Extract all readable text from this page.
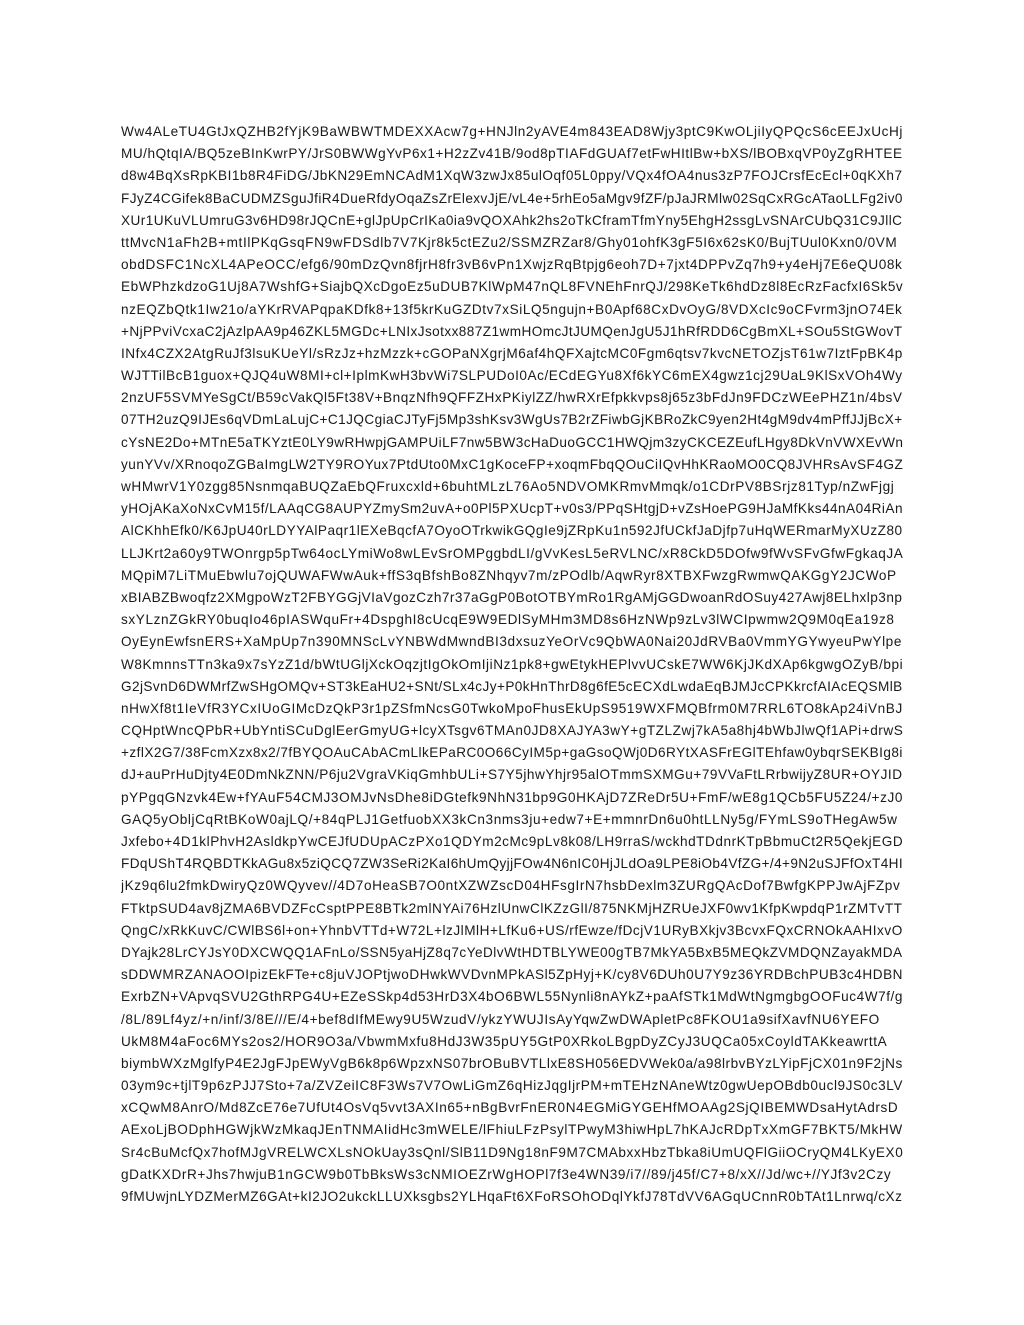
Ww4ALeTU4GtJxQZHB2fYjK9BaWBWTMDEXXAcw7g+HNJln2yAVE4m843EAD8Wjy3ptC9KwOLjiIyQPQcS6cEEJxUcHj
MU/hQtqIA/BQ5zeBInKwrPY/JrS0BWWgYvP6x1+H2zZv41B/9od8pTIAFdGUAf7etFwHItlBw+bXS/lBOBxqVP0yZgRHTEE
d8w4BqXsRpKBI1b8R4FiDG/JbKN29EmNCAdM1XqW3zwJx85ulOqf05L0ppy/VQx4fOA4nus3zP7FOJCrsfEcEcl+0qKXh7
FJyZ4CGifek8BaCUDMZSguJfiR4DueRfdyOqaZsZrElexvJjE/vL4e+5rhEo5aMgv9fZF/pJaJRMlw02SqCxRGcATaoLLFg2iv0
XUr1UKuVLUmruG3v6HD98rJQCnE+glJpUpCrIKa0ia9vQOXAhk2hs2oTkCframTfmYny5EhgH2ssgLvSNArCUbQ31C9JllC
ttMvcN1aFh2B+mtIlPKqGsqFN9wFDSdlb7V7Kjr8k5ctEZu2/SSMZRZar8/Ghy01ohfK3gF5I6x62sK0/BujTUul0Kxn0/0VM
obdDSFC1NcXL4APeOCC/efg6/90mDzQvn8fjrH8fr3vB6vPn1XwjzRqBtpjg6eoh7D+7jxt4DPPvZq7h9+y4eHj7E6eQU08k
EbWPhzkdzoG1Uj8A7WshfG+SiajbQXcDgoEz5uDUB7KlWpM47nQL8FVNEhFnrQJ/298KeTk6hdDz8l8EcRzFacfxI6Sk5v
nzEQZbQtk1Iw21o/aYKrRVAPqpaKDfk8+13f5krKuGZDtv7xSiLQ5ngujn+B0Apf68CxDvOyG/8VDXcIc9oCFvrm3jnO74Ek
+NjPPviVcxaC2jAzlpAA9p46ZKL5MGDc+LNIxJsotxx887Z1wmHOmcJtJUMQenJgU5J1hRfRDD6CgBmXL+SOu5StGWovT
INfx4CZX2AtgRuJf3lsuKUeYl/sRzJz+hzMzzk+cGOPaNXgrjM6af4hQFXajtcMC0Fgm6qtsv7kvcNETOZjsT61w7IztFpBK4p
WJTTilBcB1guox+QJQ4uW8MI+cl+IplmKwH3bvWi7SLPUDoI0Ac/ECdEGYu8Xf6kYC6mEX4gwz1cj29UaL9KlSxVOh4Wy
2nzUF5SVMYeSgCt/B59cVakQl5Ft38V+BnqzNfh9QFFZHxPKiylZZ/hwRXrEfpkkvps8j65z3bFdJn9FDCzWEePHZ1n/4bsV
07TH2uzQ9IJEs6qVDmLaLujC+C1JQCgiaCJTyFj5Mp3shKsv3WgUs7B2rZFiwbGjKBRoZkC9yen2Ht4gM9dv4mPffJJjBcX+
cYsNE2Do+MTnE5aTKYztE0LY9wRHwpjGAMPUiLF7nw5BW3cHaDuoGCC1HWQjm3zyCKCEZEufLHgy8DkVnVWXEvWn
yunYVv/XRnoqoZGBaImgLW2TY9ROYux7PtdUto0MxC1gKoceFP+xoqmFbqQOuCiIQvHhKRaoMO0CQ8JVHRsAvSF4GZ
wHMwrV1Y0zgg85NsnmqaBUQZaEbQFruxcxld+6buhtMLzL76Ao5NDVOMKRmvMmqk/o1CDrPV8BSrjz81Typ/nZwFjgj
yHOjAKaXoNxCvM15f/LAAqCG8AUPYZmySm2uvA+o0Pl5PXUcpT+v0s3/PPqSHtgjD+vZsHoePG9HJaMfKks44nA04RiAn
AlCKhhEfk0/K6JpU40rLDYYAlPaqr1lEXeBqcfA7OyoOTrkwikGQgIe9jZRpKu1n592JfUCkfJaDjfp7uHqWERmarMyXUzZ80
LLJKrt2a60y9TWOnrgp5pTw64ocLYmiWo8wLEvSrOMPggbdLI/gVvKesL5eRVLNC/xR8CkD5DOfw9fWvSFvGfwFgkaqJA
MQpiM7LiTMuEbwlu7ojQUWAFWwAuk+ffS3qBfshBo8ZNhqyv7m/zPOdlb/AqwRyr8XTBXFwzgRwmwQAKGgY2JCWoP
xBIABZBwoqfz2XMgpoWzT2FBYGGjVIaVgozCzh7r37aGgP0BotOTBYmRo1RgAMjGGDwoanRdOSuy427Awj8ELhxlp3np
sxYLznZGkRY0buqIo46pIASWquFr+4DspghI8cUcqE9W9EDlSyMHm3MD8s6HzNWp9zLv3lWCIpwmw2Q9M0qEa19z8
OyEynEwfsnERS+XaMpUp7n390MNScLvYNBWdMwndBI3dxsuzYeOrVc9QbWA0Nai20JdRVBa0VmmYGYwyeuPwYlpe
W8KmnnsTTn3ka9x7sYzZ1d/bWtUGljXckOqzjtIgOkOmIjiNz1pk8+gwEtykHEPlvvUCskE7WW6KjJKdXAp6kgwgOZyB/bpi
G2jSvnD6DWMrfZwSHgOMQv+ST3kEaHU2+SNt/SLx4cJy+P0kHnThrD8g6fE5cECXdLwdaEqBJMJcCPKkrcfAIAcEQSMlB
nHwXf8t1IeVfR3YCxIUoGIMcDzQkP3r1pZSfmNcsG0TwkoMpoFhusEkUpS9519WXFMQBfrm0M7RRL6TO8kAp24iVnBJ
CQHptWncQPbR+UbYntiSCuDglEerGmyUG+lcyXTsgv6TMAn0JD8XAJYA3wY+gTZLZwj7kA5a8hj4bWbJlwQf1APi+drwS
+zflX2G7/38FcmXzx8x2/7fBYQOAuCAbACmLlkEPaRC0O66CyIM5p+gaGsoQWj0D6RYtXASFrEGlTEhfaw0ybqrSEKBIg8i
dJ+auPrHuDjty4E0DmNkZNN/P6ju2VgraVKiqGmhbULi+S7Y5jhwYhjr95alOTmmSXMGu+79VVaFtLRrbwijyZ8UR+OYJID
pYPgqGNzvk4Ew+fYAuF54CMJ3OMJvNsDhe8iDGtefk9NhN31bp9G0HKAjD7ZReDr5U+FmF/wE8g1QCb5FU5Z24/+zJ0
GAQ5yObljCqRtBKoW0ajLQ/+84qPLJ1GetfuobXX3kCn3nms3ju+edw7+E+mmnrDn6u0htLLNy5g/FYmLS9oTHegAw5w
Jxfebo+4D1klPhvH2AsldkpYwCEJfUDUpACzPXo1QDYm2cMc9pLv8k08/LH9rraS/wckhdTDdnrKTpBbmuCt2R5QekjEGD
FDqUShT4RQBDTKkAGu8x5ziQCQ7ZW3SeRi2KaI6hUmQyjjFOw4N6nIC0HjJLdOa9LPE8iOb4VfZG+/4+9N2uSJFfOxT4HI
jKz9q6lu2fmkDwiryQz0WQyvev//4D7oHeaSB7O0ntXZWZscD04HFsgIrN7hsbDexlm3ZURgQAcDof7BwfgKPPJwAjFZpv
FTktpSUD4av8jZMA6BVDZFcCsptPPE8BTk2mlNYAi76HzlUnwClKZzGlI/875NKMjHZRUeJXF0wv1KfpKwpdqP1rZMTvTT
QngC/xRkKuvC/CWlBS6l+on+YhnbVTTd+W72L+lzJlMlH+LfKu6+US/rfEwze/fDcjV1URyBXkjv3BcvxFQxCRNOkAAHIxvO
DYajk28LrCYJsY0DXCWQQ1AFnLo/SSN5yaHjZ8q7cYeDlvWtHDTBLYWE00gTB7MkYA5BxB5MEQkZVMDQNZayakMDA
sDDWMRZANAOOIpizEkFTe+c8juVJOPtjwoDHwkWVDvnMPkASl5ZpHyj+K/cy8V6DUh0U7Y9z36YRDBchPUB3c4HDBN
ExrbZN+VApvqSVU2GthRPG4U+EZeSSkp4d53HrD3X4bO6BWL55Nynli8nAYkZ+paAfSTk1MdWtNgmgbgOOFuc4W7f/g
/8L/89Lf4yz/+n/inf/3/8E///E/4+bef8dIfMEwy9U5WzudV/ykzYWUJIsAyYqwZwDWApletPc8FKOU1a9sifXavfNU6YEFO
UkM8M4aFoc6MYs2os2/HOR9O3a/VbwmMxfu8HdJ3W35pUY5GtP0XRkoLBgpDyZCyJ3UQCa05xCoyldTAKkeawrttA
biymbWXzMglfyP4E2JgFJpEWyVgB6k8p6WpzxNS07brOBuBVTLlxE8SH056EDVWek0a/a98lrbvBYzLYipFjCX01n9F2jNs
03ym9c+tjlT9p6zPJJ7Sto+7a/ZVZeiIC8F3Ws7V7OwLiGmZ6qHizJqgIjrPM+mTEHzNAneWtz0gwUepOBdb0ucl9JS0c3LV
xCQwM8AnrO/Md8ZcE76e7UfUt4OsVq5vvt3AXIn65+nBgBvrFnER0N4EGMiGYGEHfMOAAg2SjQIBEMWDsaHytAdrsD
AExoLjBODphHGWjkWzMkaqJEnTNMAIidHc3mWELE/lFhiuLFzPsylTPwyM3hiwHpL7hKAJcRDpTxXmGF7BKT5/MkHW
Sr4cBuMcfQx7hofMJgVRELWCXLsNOkUay3sQnl/SlB11D9Ng18nF9M7CMAbxxHbzTbka8iUmUQFlGiiOCryQM4LKyEX0
gDatKXDrR+Jhs7hwjuB1nGCW9b0TbBksWs3cNMIOEZrWgHOPl7f3e4WN39/i7//89/j45f/C7+8/xX//Jd/wc+//YJf3v2Czy
9fMUwjnLYDZMerMZ6GAt+kI2JO2ukckLLUXksgbs2YLHqaFt6XFoRSOhODqlYkfJ78TdVV6AGqUCnnR0bTAt1Lnrwq/cXz
